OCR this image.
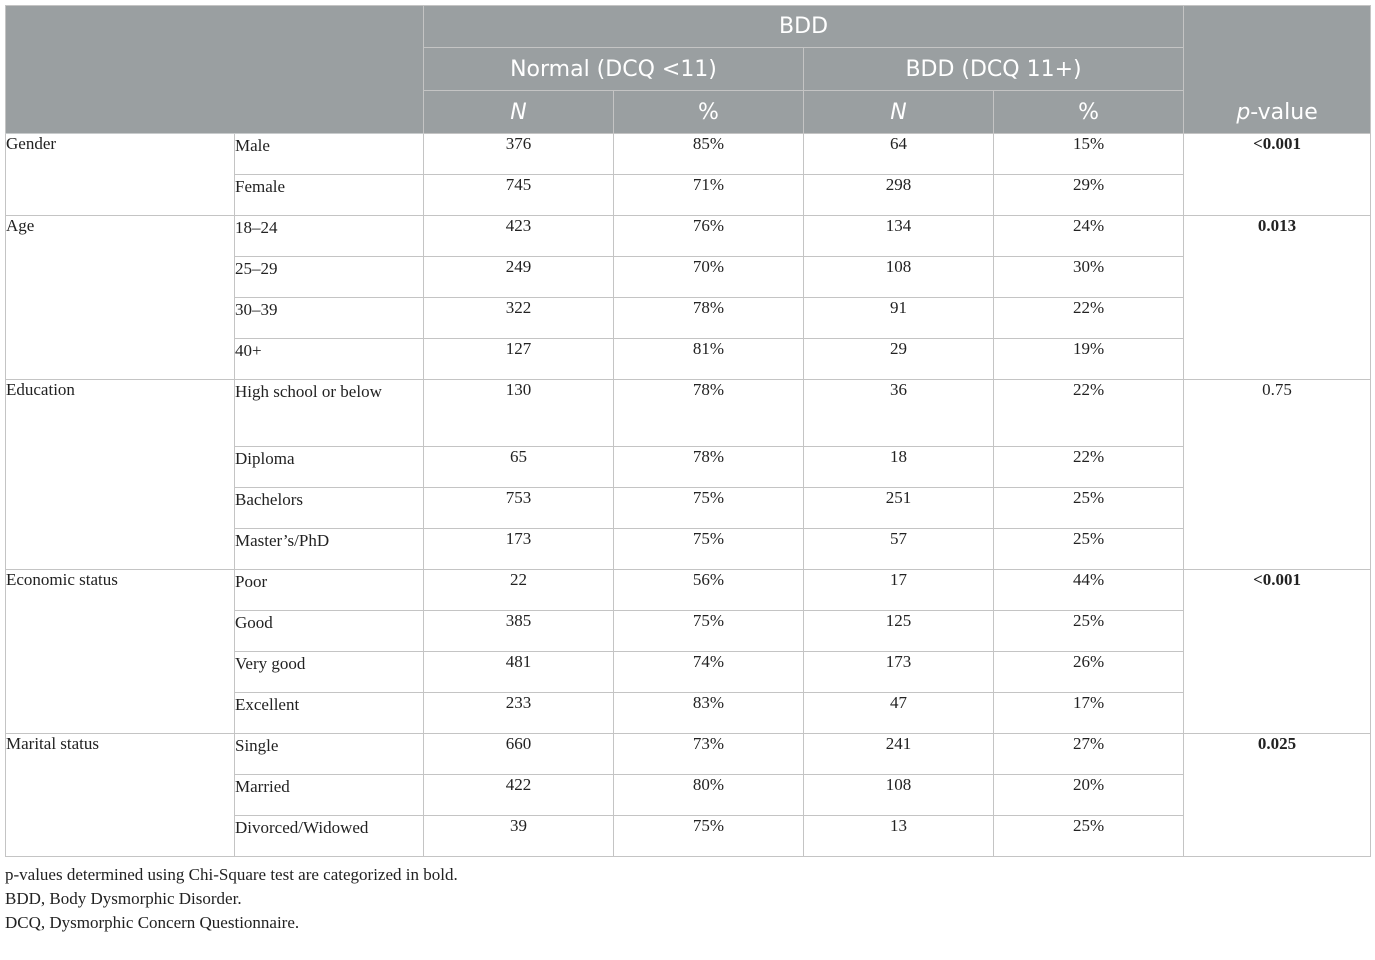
		BDD				p-value
		Normal (DCQ <11)		BDD (DCQ 11+)		
		N	%	N	%	
Gender	Male	376	85%	64	15%	<0.001
	Female	745	71%	298	29%	
Age	18–24	423	76%	134	24%	0.013
	25–29	249	70%	108	30%	
	30–39	322	78%	91	22%	
	40+	127	81%	29	19%	
Education	High school or below	130	78%	36	22%	0.75
	Diploma	65	78%	18	22%	
	Bachelors	753	75%	251	25%	
	Master’s/PhD	173	75%	57	25%	
Economic status	Poor	22	56%	17	44%	<0.001
	Good	385	75%	125	25%	
	Very good	481	74%	173	26%	
	Excellent	233	83%	47	17%	
Marital status	Single	660	73%	241	27%	0.025
	Married	422	80%	108	20%	
	Divorced/Widowed	39	75%	13	25%	
p-values determined using Chi-Square test are categorized in bold.
BDD, Body Dysmorphic Disorder.
DCQ, Dysmorphic Concern Questionnaire.
